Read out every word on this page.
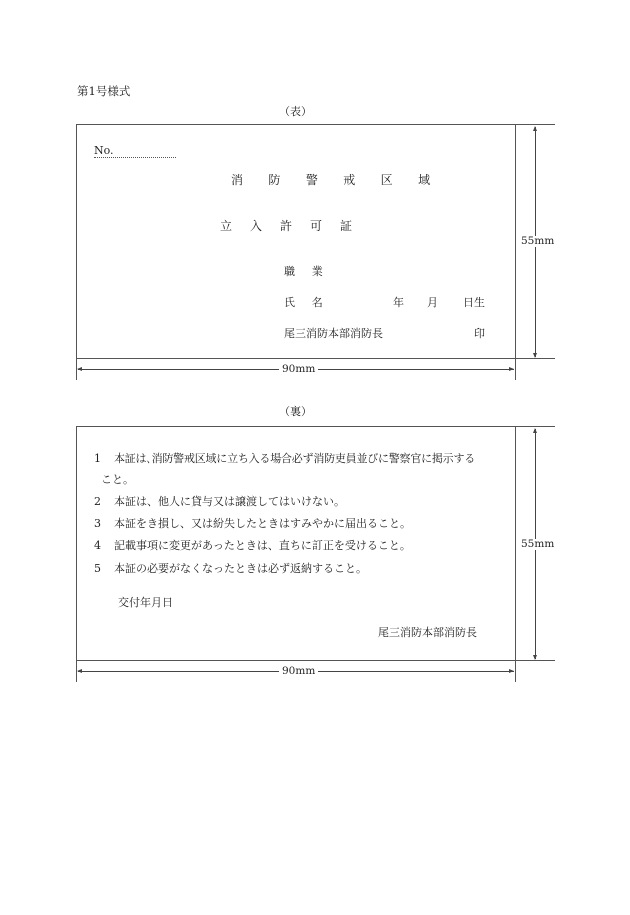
第1号様式
（表）
No.
消 防 警 戒 区 域
立　入　許　可　証
職 業
氏 名	年 月 日生
尾三消防本部消防長	印
55mm
90mm
（裏）
1 本証は､消防警戒区域に立ち入る場合必ず消防吏員並びに警察官に掲示する
こと。
2 本証は、他人に貸与又は譲渡してはいけない。
3 本証をき損し、又は紛失したときはすみやかに届出ること。
4 記載事項に変更があったときは、直ちに訂正を受けること。
5 本証の必要がなくなったときは必ず返納すること。
交付年月日
尾三消防本部消防長
55mm
90mm
